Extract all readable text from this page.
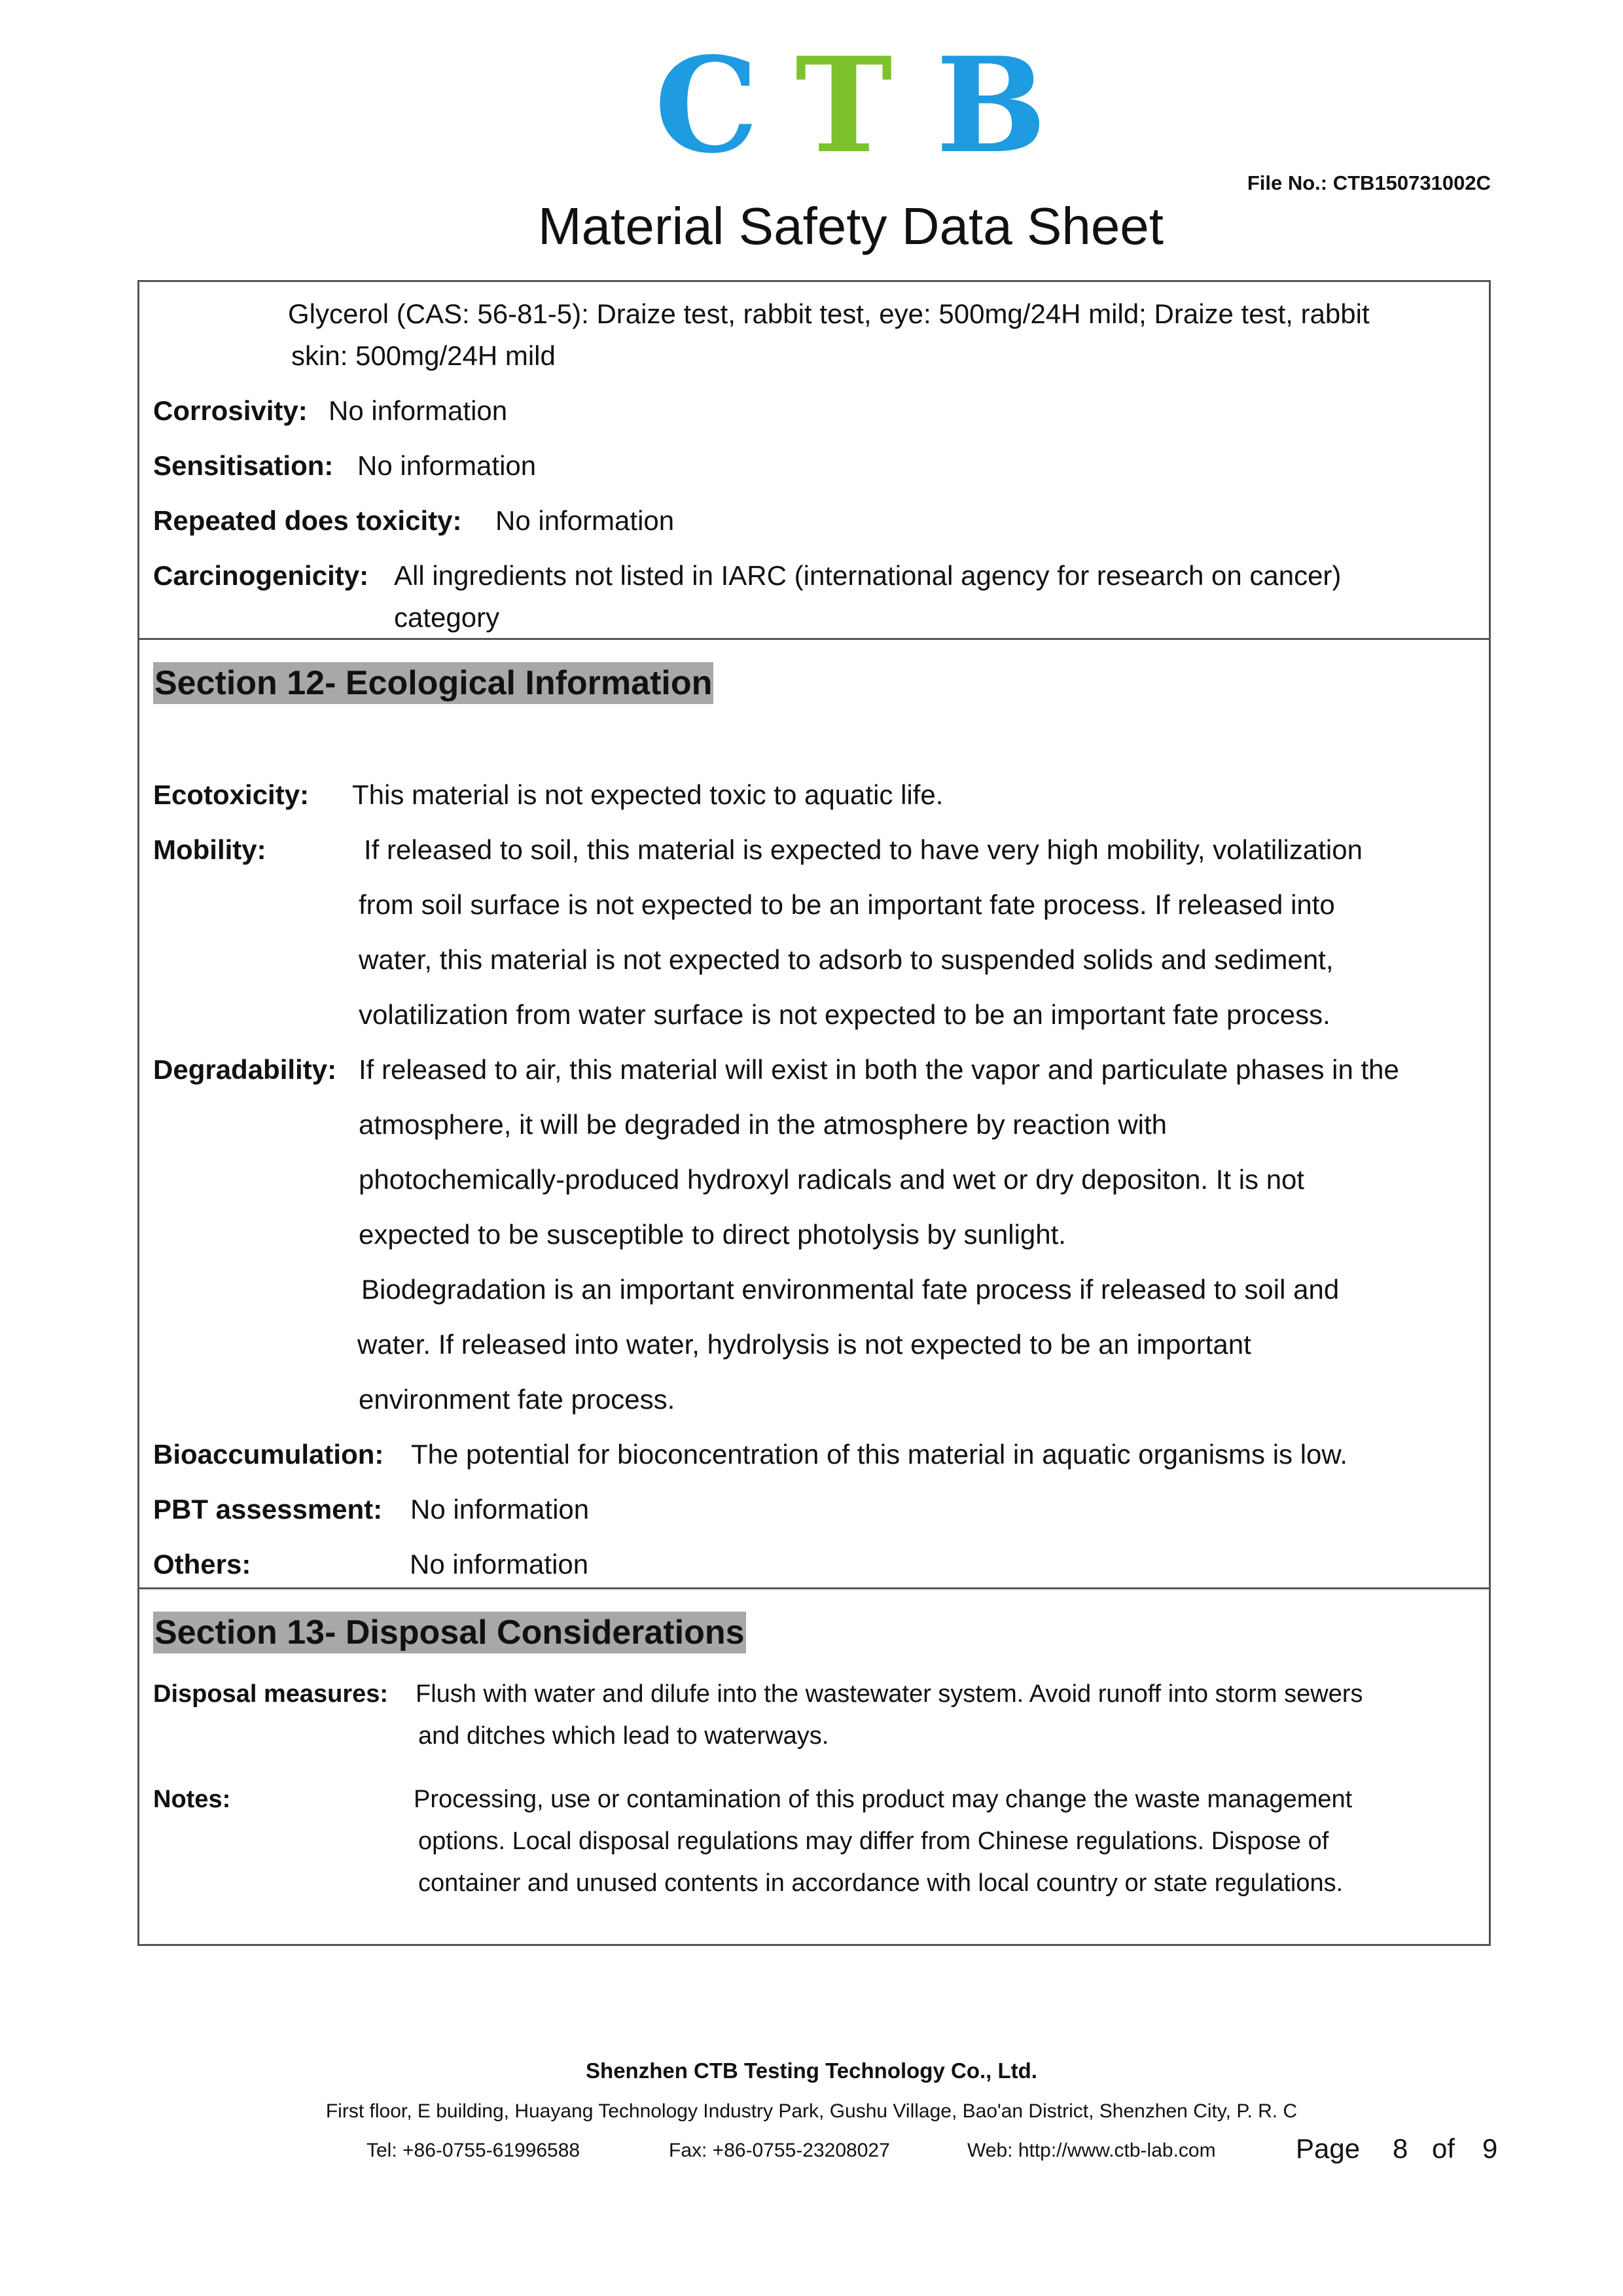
C T B
File No.: CTB150731002C
Material Safety Data Sheet
Glycerol (CAS: 56-81-5): Draize test, rabbit test, eye: 500mg/24H mild; Draize test, rabbit
skin: 500mg/24H mild
Corrosivity: No information
Sensitisation: No information
Repeated does toxicity: No information
Carcinogenicity: All ingredients not listed in IARC (international agency for research on cancer)
category
Section 12- Ecological Information
Ecotoxicity: This material is not expected toxic to aquatic life.
Mobility:	If released to soil, this material is expected to have very high mobility, volatilization
from soil surface is not expected to be an important fate process. If released into
water, this material is not expected to adsorb to suspended solids and sediment,
volatilization from water surface is not expected to be an important fate process.
Degradability: If released to air, this material will exist in both the vapor and particulate phases in the
atmosphere, it will be degraded in the atmosphere by reaction with
photochemically-produced hydroxyl radicals and wet or dry depositon. It is not
expected to be susceptible to direct photolysis by sunlight.
Biodegradation is an important environmental fate process if released to soil and
water. If released into water, hydrolysis is not expected to be an important
environment fate process.
Bioaccumulation: The potential for bioconcentration of this material in aquatic organisms is low.
PBT assessment: No information
Others:	No information
Section 13- Disposal Considerations
Disposal measures: Flush with water and dilufe into the wastewater system. Avoid runoff into storm sewers
and ditches which lead to waterways.
Notes:	Processing, use or contamination of this product may change the waste management
options. Local disposal regulations may differ from Chinese regulations. Dispose of
container and unused contents in accordance with local country or state regulations.
Shenzhen CTB Testing Technology Co., Ltd.
First floor, E building, Huayang Technology Industry Park, Gushu Village, Bao'an District, Shenzhen City, P. R. C
Tel: +86-0755-61996588	Fax: +86-0755-23208027	Web: http://www.ctb-lab.com	Page 8 of 9
